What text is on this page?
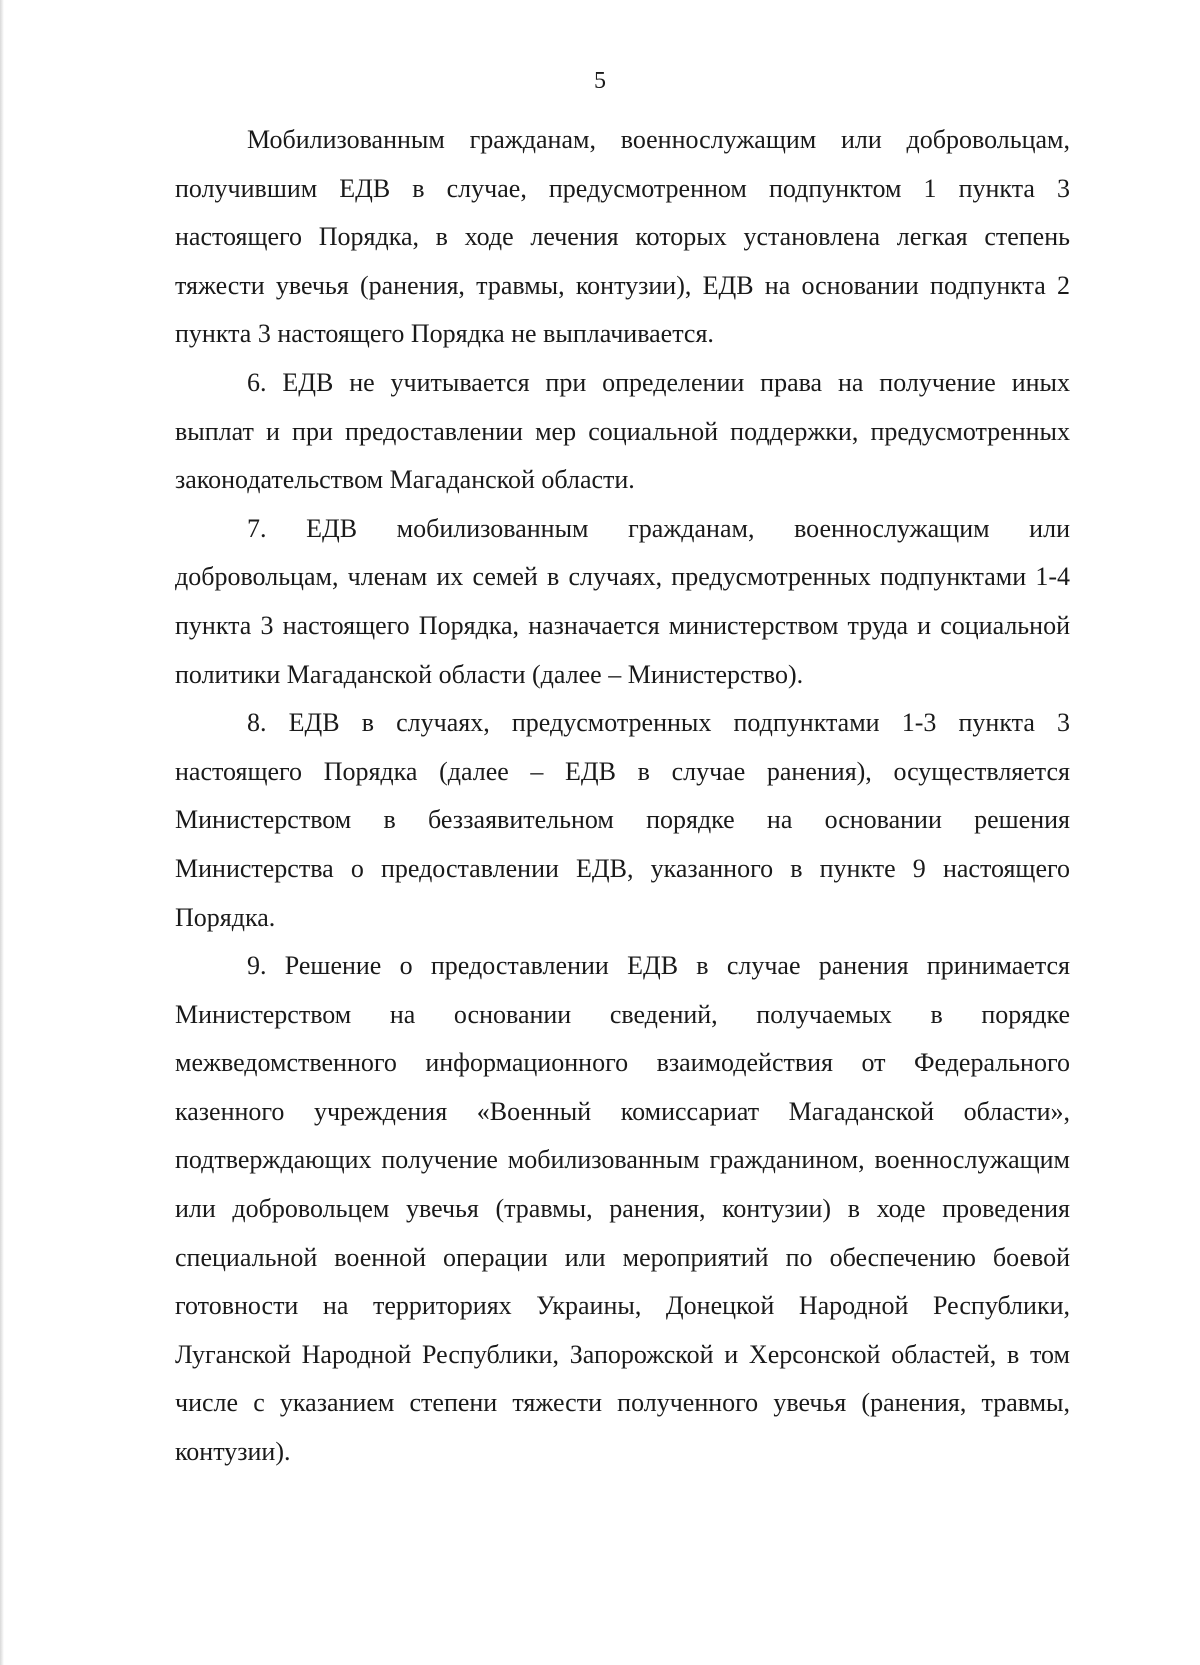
5

Мобилизованным гражданам, военнослужащим или добровольцам, получившим ЕДВ в случае, предусмотренном подпунктом 1 пункта 3 настоящего Порядка, в ходе лечения которых установлена легкая степень тяжести увечья (ранения, травмы, контузии), ЕДВ на основании подпункта 2 пункта 3 настоящего Порядка не выплачивается.

6. ЕДВ не учитывается при определении права на получение иных выплат и при предоставлении мер социальной поддержки, предусмотренных законодательством Магаданской области.

7. ЕДВ мобилизованным гражданам, военнослужащим или добровольцам, членам их семей в случаях, предусмотренных подпунктами 1-4 пункта 3 настоящего Порядка, назначается министерством труда и социальной политики Магаданской области (далее – Министерство).

8. ЕДВ в случаях, предусмотренных подпунктами 1-3 пункта 3 настоящего Порядка (далее – ЕДВ в случае ранения), осуществляется Министерством в беззаявительном порядке на основании решения Министерства о предоставлении ЕДВ, указанного в пункте 9 настоящего Порядка.

9. Решение о предоставлении ЕДВ в случае ранения принимается Министерством на основании сведений, получаемых в порядке межведомственного информационного взаимодействия от Федерального казенного учреждения «Военный комиссариат Магаданской области», подтверждающих получение мобилизованным гражданином, военнослужащим или добровольцем увечья (травмы, ранения, контузии) в ходе проведения специальной военной операции или мероприятий по обеспечению боевой готовности на территориях Украины, Донецкой Народной Республики, Луганской Народной Республики, Запорожской и Херсонской областей, в том числе с указанием степени тяжести полученного увечья (ранения, травмы, контузии).
